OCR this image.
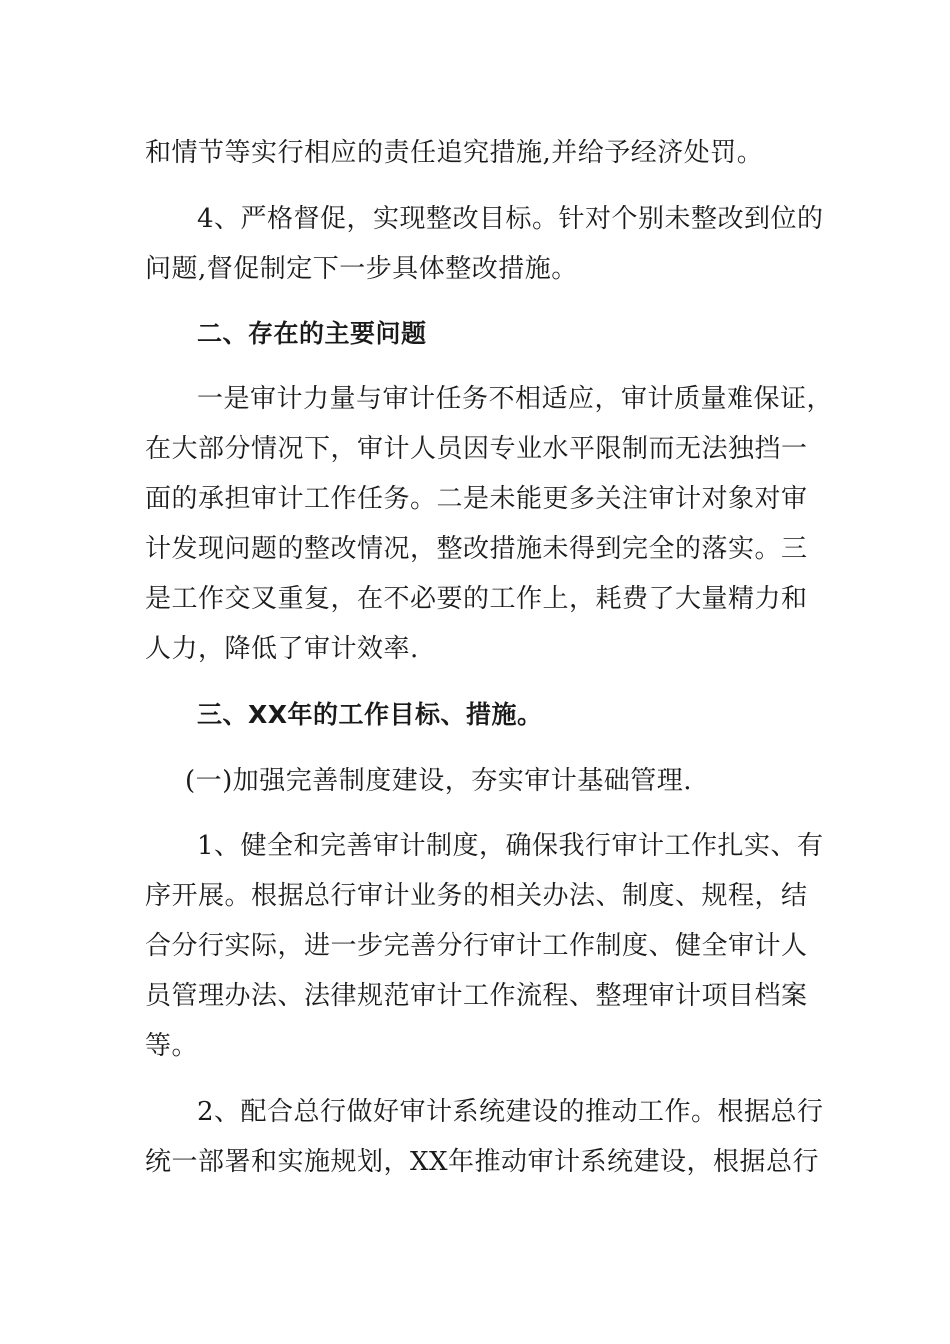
和情节等实行相应的责任追究措施,并给予经济处罚。
4、严格督促，实现整改目标。针对个别未整改到位的
问题,督促制定下一步具体整改措施。
二、存在的主要问题
一是审计力量与审计任务不相适应，审计质量难保证，
在大部分情况下，审计人员因专业水平限制而无法独挡一
面的承担审计工作任务。二是未能更多关注审计对象对审
计发现问题的整改情况，整改措施未得到完全的落实。三
是工作交叉重复，在不必要的工作上，耗费了大量精力和
人力，降低了审计效率.
三、XX年的工作目标、措施。
(一)加强完善制度建设，夯实审计基础管理.
1、健全和完善审计制度，确保我行审计工作扎实、有
序开展。根据总行审计业务的相关办法、制度、规程，结
合分行实际，进一步完善分行审计工作制度、健全审计人
员管理办法、法律规范审计工作流程、整理审计项目档案
等。
2、配合总行做好审计系统建设的推动工作。根据总行
统一部署和实施规划，XX年推动审计系统建设，根据总行
